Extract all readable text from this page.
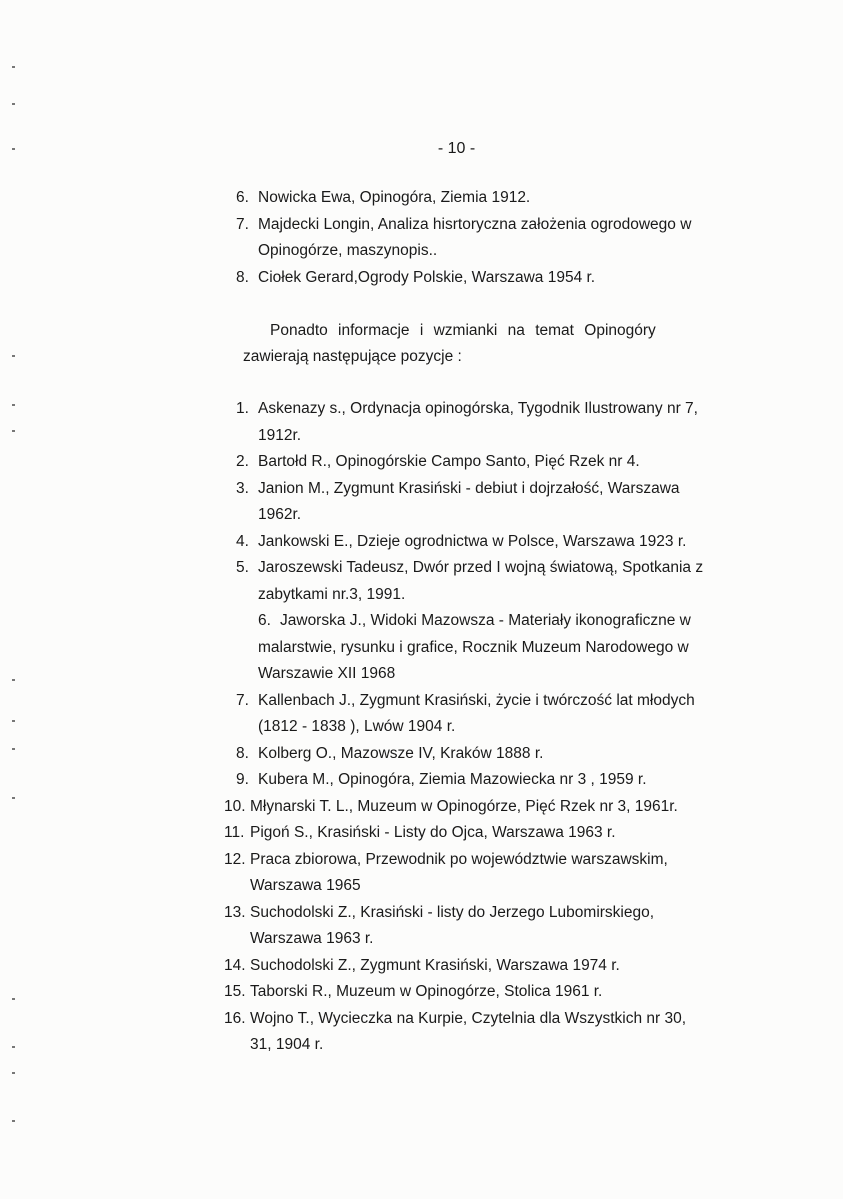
- 10 -
6. Nowicka Ewa, Opinogóra, Ziemia 1912.
7. Majdecki Longin, Analiza hisrtoryczna założenia ogrodowego w
Opinogórze, maszynopis..
8. Ciołek Gerard,Ogrody Polskie, Warszawa 1954 r.
Ponadto informacje i wzmianki na temat Opinogóry
zawierają następujące pozycje :
1. Askenazy s., Ordynacja opinogórska, Tygodnik Ilustrowany nr 7,
1912r.
2. Bartołd R., Opinogórskie Campo Santo, Pięć Rzek nr 4.
3. Janion M., Zygmunt Krasiński - debiut i dojrzałość, Warszawa
1962r.
4. Jankowski E., Dzieje ogrodnictwa w Polsce, Warszawa 1923 r.
5. Jaroszewski Tadeusz, Dwór przed I wojną światową, Spotkania z
zabytkami nr.3, 1991.
6. Jaworska J., Widoki Mazowsza - Materiały ikonograficzne w
malarstwie, rysunku i grafice, Rocznik Muzeum Narodowego w
Warszawie XII 1968
7. Kallenbach J., Zygmunt Krasiński, życie i twórczość lat młodych
(1812 - 1838 ), Lwów 1904 r.
8. Kolberg O., Mazowsze IV, Kraków 1888 r.
9. Kubera M., Opinogóra, Ziemia Mazowiecka nr 3 , 1959 r.
10. Młynarski T. L., Muzeum w Opinogórze, Pięć Rzek nr 3, 1961r.
11. Pigoń S., Krasiński - Listy do Ojca, Warszawa 1963 r.
12. Praca zbiorowa, Przewodnik po województwie warszawskim,
Warszawa 1965
13. Suchodolski Z., Krasiński - listy do Jerzego Lubomirskiego,
Warszawa 1963 r.
14. Suchodolski Z., Zygmunt Krasiński, Warszawa 1974 r.
15. Taborski R., Muzeum w Opinogórze, Stolica 1961 r.
16. Wojno T., Wycieczka na Kurpie, Czytelnia dla Wszystkich nr 30,
31, 1904 r.
